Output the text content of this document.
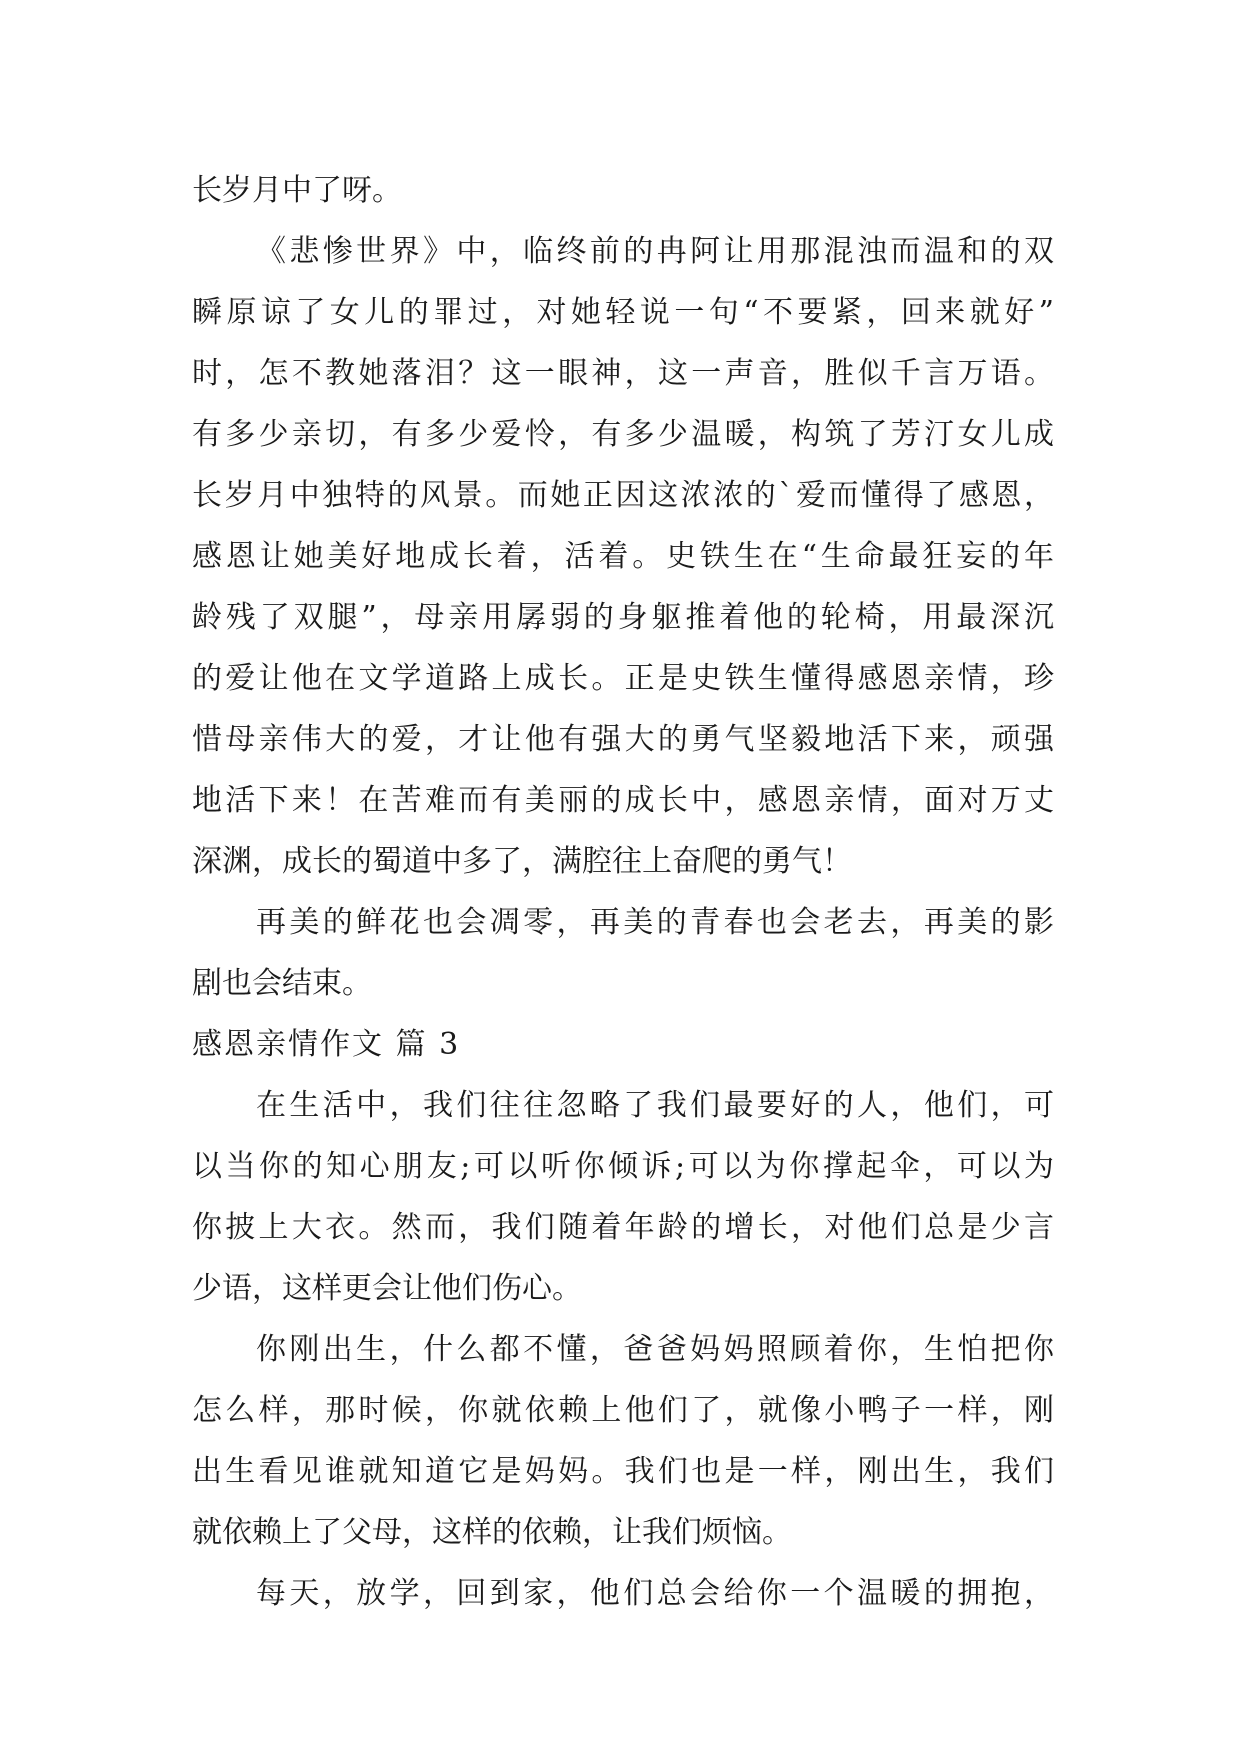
长岁月中了呀。
《悲惨世界》中，临终前的冉阿让用那混浊而温和的双
瞬原谅了女儿的罪过，对她轻说一句“不要紧，回来就好”
时，怎不教她落泪？这一眼神，这一声音，胜似千言万语。
有多少亲切，有多少爱怜，有多少温暖，构筑了芳汀女儿成
长岁月中独特的风景。而她正因这浓浓的`爱而懂得了感恩，
感恩让她美好地成长着，活着。史铁生在“生命最狂妄的年
龄残了双腿”，母亲用孱弱的身躯推着他的轮椅，用最深沉
的爱让他在文学道路上成长。正是史铁生懂得感恩亲情，珍
惜母亲伟大的爱，才让他有强大的勇气坚毅地活下来，顽强
地活下来！在苦难而有美丽的成长中，感恩亲情，面对万丈
深渊，成长的蜀道中多了，满腔往上奋爬的勇气！
再美的鲜花也会凋零，再美的青春也会老去，再美的影
剧也会结束。
感恩亲情作文 篇 3
在生活中，我们往往忽略了我们最要好的人，他们，可
以当你的知心朋友;可以听你倾诉;可以为你撑起伞，可以为
你披上大衣。然而，我们随着年龄的增长，对他们总是少言
少语，这样更会让他们伤心。
你刚出生，什么都不懂，爸爸妈妈照顾着你，生怕把你
怎么样，那时候，你就依赖上他们了，就像小鸭子一样，刚
出生看见谁就知道它是妈妈。我们也是一样，刚出生，我们
就依赖上了父母，这样的依赖，让我们烦恼。
每天，放学，回到家，他们总会给你一个温暖的拥抱，
